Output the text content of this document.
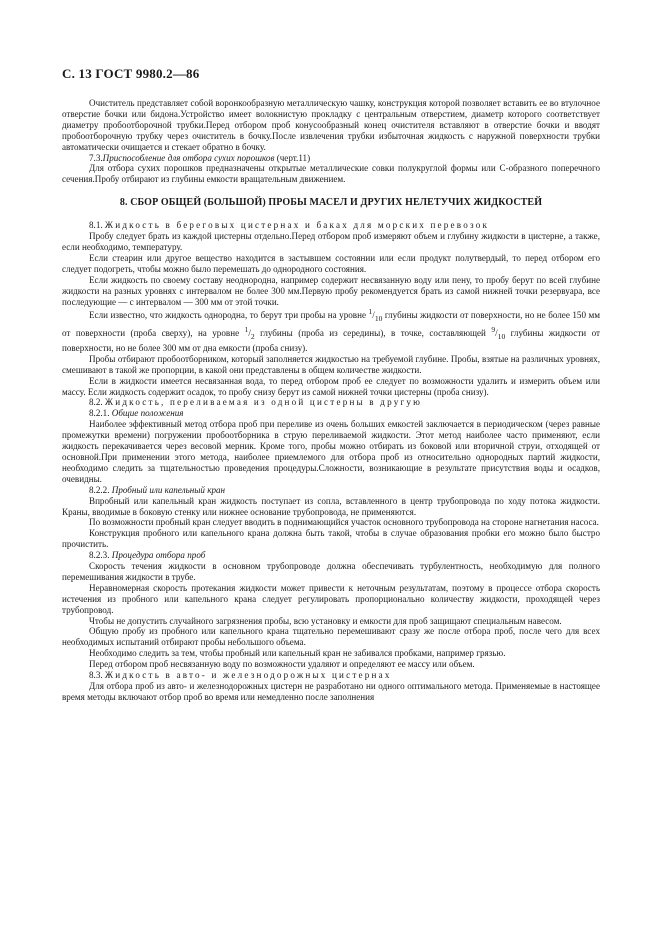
С. 13 ГОСТ 9980.2—86

Очиститель представляет собой воронкообразную металлическую чашку, конструкция которой позволяет вставить ее во втулочное отверстие бочки или бидона.Устройство имеет волокнистую прокладку с центральным отверстием, диаметр которого соответствует диаметру пробоотборочной трубки.Перед отбором проб конусообразный конец очистителя вставляют в отверстие бочки и вводят пробоотборочную трубку через очиститель в бочку.После извлечения трубки избыточная жидкость с наружной поверхности трубки автоматически очищается и стекает обратно в бочку.

7.3.Приспособление для отбора сухих порошков (черт.11)

Для отбора сухих порошков предназначены открытые металлические совки полукруглой формы или С-образного поперечного сечения.Пробу отбирают из глубины емкости вращательным движением.

8. СБОР ОБЩЕЙ (БОЛЬШОЙ) ПРОБЫ МАСЕЛ И ДРУГИХ НЕЛЕТУЧИХ ЖИДКОСТЕЙ

8.1. Жидкость в береговых цистернах и баках для морских перевозок

Пробу следует брать из каждой цистерны отдельно.Перед отбором проб измеряют объем и глубину жидкости в цистерне, а также, если необходимо, температуру.

Если стеарин или другое вещество находится в застывшем состоянии или если продукт полутвердый, то перед отбором его следует подогреть, чтобы можно было перемешать до однородного состояния.

Если жидкость по своему составу неоднородна, например содержит несвязанную воду или пену, то пробу берут по всей глубине жидкости на разных уровнях с интервалом не более 300 мм.Первую пробу рекомендуется брать из самой нижней точки резервуара, все последующие — с интервалом — 300 мм от этой точки.

Если известно, что жидкость однородна, то берут три пробы на уровне $^1/_{10}$ глубины жидкости от поверхности, но не более 150 мм от поверхности (проба сверху), на уровне $^1/_2$ глубины (проба из середины), в точке, составляющей $^9/_{10}$ глубины жидкости от поверхности, но не более 300 мм от дна емкости (проба снизу).

Пробы отбирают пробоотборником, который заполняется жидкостью на требуемой глубине. Пробы, взятые на различных уровнях, смешивают в такой же пропорции, в какой они представлены в общем количестве жидкости.

Если в жидкости имеется несвязанная вода, то перед отбором проб ее следует по возможности удалить и измерить объем или массу. Если жидкость содержит осадок, то пробу снизу берут из самой нижней точки цистерны (проба снизу).

8.2. Жидкость, переливаемая из одной цистерны в другую

8.2.1. Общие положения

Наиболее эффективный метод отбора проб при переливе из очень больших емкостей заключается в периодическом (через равные промежутки времени) погружении пробоотборника в струю переливаемой жидкости. Этот метод наиболее часто применяют, если жидкость перекачивается через весовой мерник. Кроме того, пробы можно отбирать из боковой или вторичной струи, отходящей от основной.При применении этого метода, наиболее приемлемого для отбора проб из относительно однородных партий жидкости, необходимо следить за тщательностью проведения процедуры.Сложности, возникающие в результате присутствия воды и осадков, очевидны.

8.2.2. Пробный или капельный кран

Впробный или капельный кран жидкость поступает из сопла, вставленного в центр трубопровода по ходу потока жидкости. Краны, вводимые в боковую стенку или нижнее основание трубопровода, не применяются.

По возможности пробный кран следует вводить в поднимающийся участок основного трубопровода на стороне нагнетания насоса.

Конструкция пробного или капельного крана должна быть такой, чтобы в случае образования пробки его можно было быстро прочистить.

8.2.3. Процедура отбора проб

Скорость течения жидкости в основном трубопроводе должна обеспечивать турбулентность, необходимую для полного перемешивания жидкости в трубе.

Неравномерная скорость протекания жидкости может привести к неточным результатам, поэтому в процессе отбора скорость истечения из пробного или капельного крана следует регулировать пропорционально количеству жидкости, проходящей через трубопровод.

Чтобы не допустить случайного загрязнения пробы, всю установку и емкости для проб защищают специальным навесом.

Общую пробу из пробного или капельного крана тщательно перемешивают сразу же после отбора проб, после чего для всех необходимых испытаний отбирают пробы небольшого объема.

Необходимо следить за тем, чтобы пробный или капельный кран не забивался пробками, например грязью.

Перед отбором проб несвязанную воду по возможности удаляют и определяют ее массу или объем.

8.3. Жидкость в авто- и железнодорожных цистернах

Для отбора проб из авто- и железнодорожных цистерн не разработано ни одного оптимального метода. Применяемые в настоящее время методы включают отбор проб во время или немедленно после заполнения
